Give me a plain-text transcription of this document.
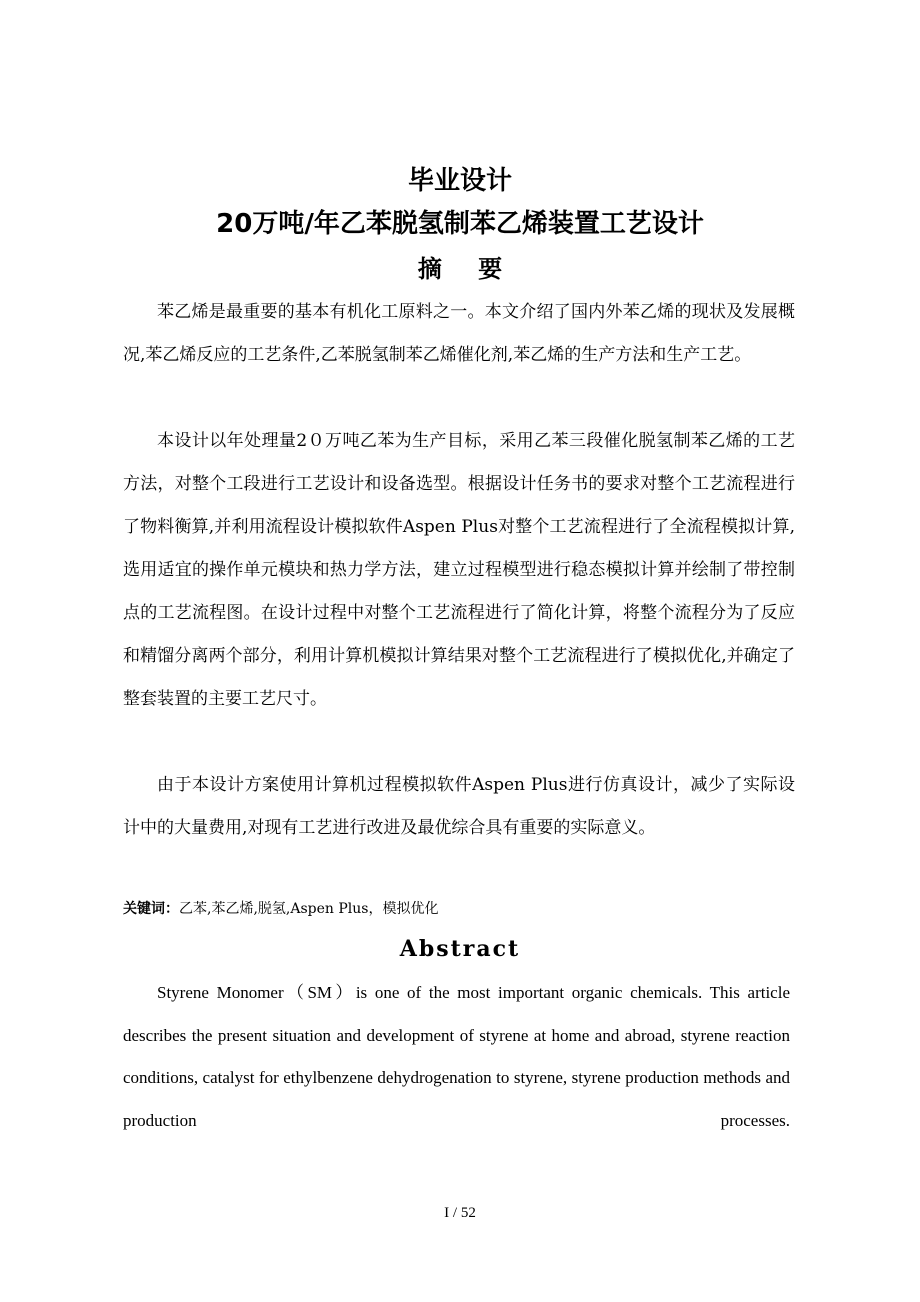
毕业设计
20万吨/年乙苯脱氢制苯乙烯装置工艺设计
摘 要

苯乙烯是最重要的基本有机化工原料之一。本文介绍了国内外苯乙烯的现状及发展概况,苯乙烯反应的工艺条件,乙苯脱氢制苯乙烯催化剂,苯乙烯的生产方法和生产工艺。

本设计以年处理量2０万吨乙苯为生产目标，采用乙苯三段催化脱氢制苯乙烯的工艺方法，对整个工段进行工艺设计和设备选型。根据设计任务书的要求对整个工艺流程进行了物料衡算,并利用流程设计模拟软件Aspen Plus对整个工艺流程进行了全流程模拟计算,选用适宜的操作单元模块和热力学方法，建立过程模型进行稳态模拟计算并绘制了带控制点的工艺流程图。在设计过程中对整个工艺流程进行了简化计算，将整个流程分为了反应和精馏分离两个部分，利用计算机模拟计算结果对整个工艺流程进行了模拟优化,并确定了整套装置的主要工艺尺寸。

由于本设计方案使用计算机过程模拟软件Aspen Plus进行仿真设计，减少了实际设计中的大量费用,对现有工艺进行改进及最优综合具有重要的实际意义。

关键词：乙苯,苯乙烯,脱氢,Aspen Plus，模拟优化

Abstract

Styrene Monomer（SM）is one of the most important organic chemicals. This article describes the present situation and development of styrene at home and abroad, styrene reaction conditions, catalyst for ethylbenzene dehydrogenation to styrene, styrene production methods and production processes.

I / 52
